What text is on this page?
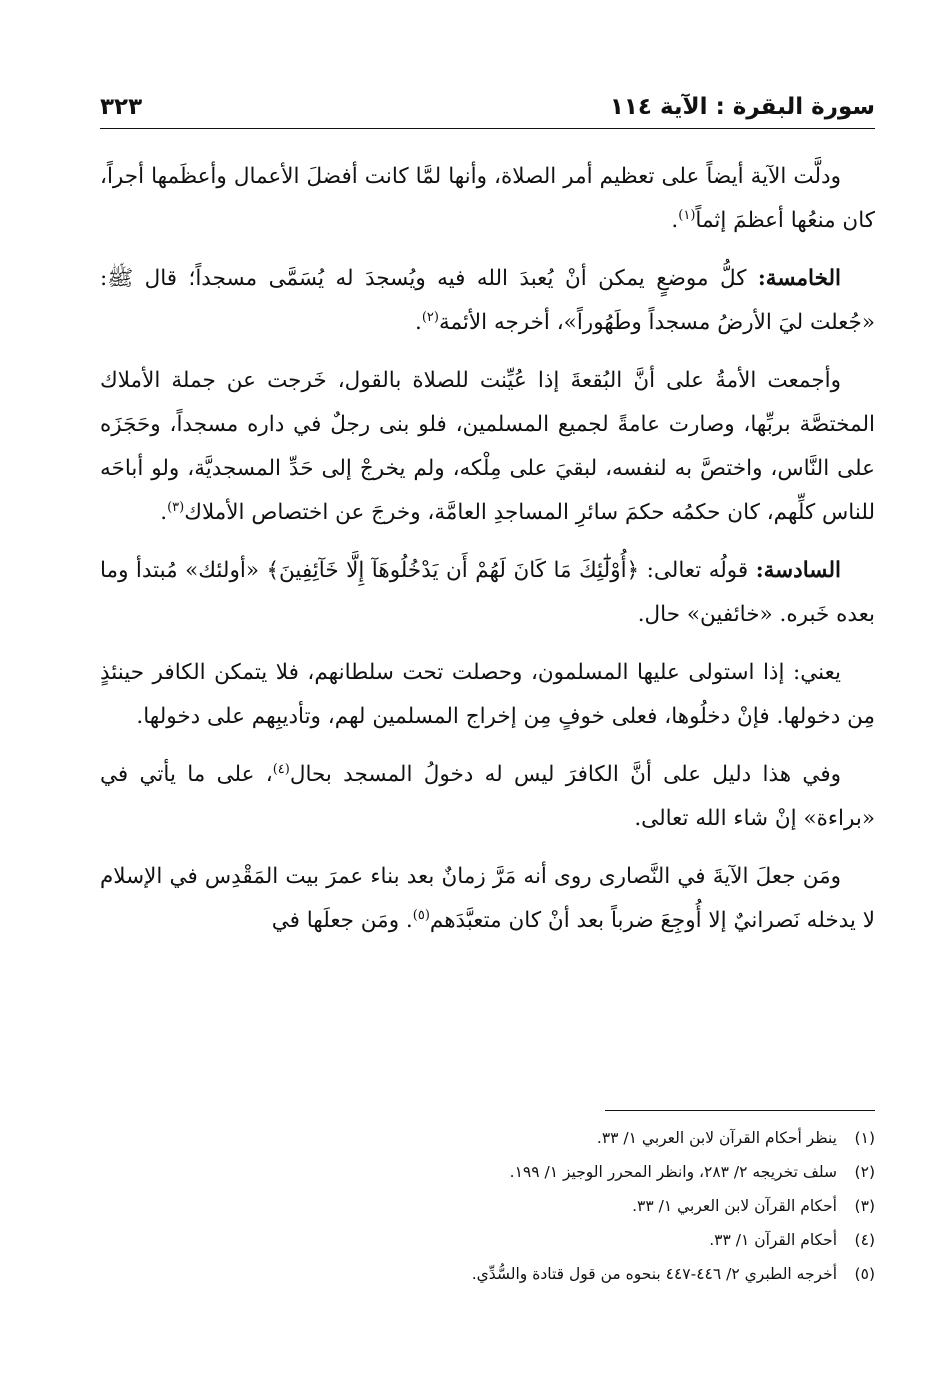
سورة البقرة : الآية ١١٤
٣٢٣

ودلَّت الآية أيضاً على تعظيم أمر الصلاة، وأنها لمَّا كانت أفضلَ الأعمال وأعظَمها أجراً، كان منعُها أعظمَ إثماً$^{(١)}$.

الخامسة: كلُّ موضعٍ يمكن أنْ يُعبدَ الله فيه ويُسجدَ له يُسَمَّى مسجداً؛ قال ﷺ: «جُعلت ليَ الأرضُ مسجداً وطَهُوراً»، أخرجه الأئمة$^{(٢)}$.

وأجمعت الأمةُ على أنَّ البُقعةَ إذا عُيِّنت للصلاة بالقول، خَرجت عن جملة الأملاك المختصَّة بربِّها، وصارت عامةً لجميع المسلمين، فلو بنى رجلٌ في داره مسجداً، وحَجَزَه على النَّاس، واختصَّ به لنفسه، لبقيَ على مِلْكه، ولم يخرجْ إلى حَدِّ المسجديَّة، ولو أباحَه للناس كلِّهم، كان حكمُه حكمَ سائرِ المساجدِ العامَّة، وخرجَ عن اختصاص الأملاك$^{(٣)}$.

السادسة: قولُه تعالى: ﴿أُوْلَٰٓئِكَ مَا كَانَ لَهُمْ أَن يَدْخُلُوهَآ إِلَّا خَآئِفِينَ﴾ «أولئك» مُبتدأ وما بعده خَبره. «خائفين» حال.

يعني: إذا استولى عليها المسلمون، وحصلت تحت سلطانهم، فلا يتمكن الكافر حينئذٍ مِن دخولها. فإنْ دخلُوها، فعلى خوفٍ مِن إخراج المسلمين لهم، وتأديبِهم على دخولها.

وفي هذا دليل على أنَّ الكافرَ ليس له دخولُ المسجد بحال$^{(٤)}$، على ما يأتي في «براءة» إنْ شاء الله تعالى.

ومَن جعلَ الآيةَ في النَّصارى روى أنه مَرَّ زمانٌ بعد بناء عمرَ بيت المَقْدِس في الإسلام لا يدخله نَصرانيٌ إلا أُوجِعَ ضرباً بعد أنْ كان متعبَّدَهم$^{(٥)}$. ومَن جعلَها في

(١)ينظر أحكام القرآن لابن العربي ١/ ٣٣.
(٢)سلف تخريجه ٢/ ٢٨٣، وانظر المحرر الوجيز ١/ ١٩٩.
(٣)أحكام القرآن لابن العربي ١/ ٣٣.
(٤)أحكام القرآن ١/ ٣٣.
(٥)أخرجه الطبري ٢/ ٤٤٦-٤٤٧ بنحوه من قول قتادة والسُّدِّي.
